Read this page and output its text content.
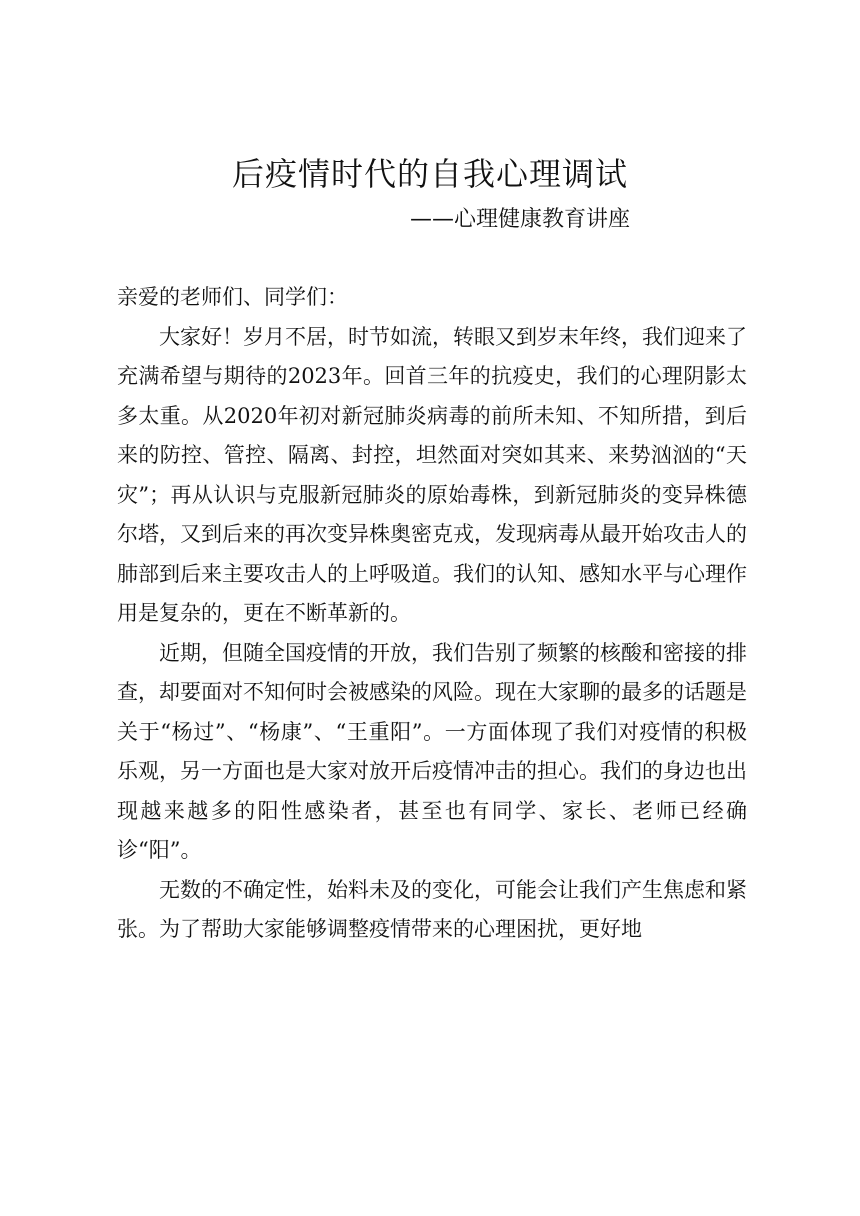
后疫情时代的自我心理调试
——心理健康教育讲座

亲爱的老师们、同学们：

大家好！岁月不居，时节如流，转眼又到岁末年终，我们迎来了充满希望与期待的2023年。回首三年的抗疫史，我们的心理阴影太多太重。从2020年初对新冠肺炎病毒的前所未知、不知所措，到后来的防控、管控、隔离、封控，坦然面对突如其来、来势汹汹的“天灾”；再从认识与克服新冠肺炎的原始毒株，到新冠肺炎的变异株德尔塔，又到后来的再次变异株奥密克戎，发现病毒从最开始攻击人的肺部到后来主要攻击人的上呼吸道。我们的认知、感知水平与心理作用是复杂的，更在不断革新的。

近期，但随全国疫情的开放，我们告别了频繁的核酸和密接的排查，却要面对不知何时会被感染的风险。现在大家聊的最多的话题是关于“杨过”、“杨康”、“王重阳”。一方面体现了我们对疫情的积极乐观，另一方面也是大家对放开后疫情冲击的担心。我们的身边也出现越来越多的阳性感染者，甚至也有同学、家长、老师已经确诊“阳”。

无数的不确定性，始料未及的变化，可能会让我们产生焦虑和紧张。为了帮助大家能够调整疫情带来的心理困扰，更好地
